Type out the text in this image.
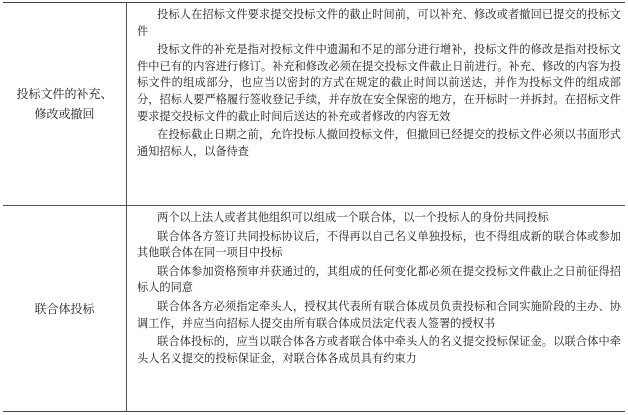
投标文件的补充、
修改或撤回

投标人在招标文件要求提交投标文件的截止时间前，可以补充、修改或者撤回已提交的投标文件

投标文件的补充是指对投标文件中遗漏和不足的部分进行增补，投标文件的修改是指对投标文件中已有的内容进行修订。补充和修改必须在提交投标文件截止日前进行。补充、修改的内容为投标文件的组成部分，也应当以密封的方式在规定的截止时间以前送达，并作为投标文件的组成部分，招标人要严格履行签收登记手续，并存放在安全保密的地方，在开标时一并拆封。在招标文件要求提交投标文件的截止时间后送达的补充或者修改的内容无效

在投标截止日期之前，允许投标人撤回投标文件，但撤回已经提交的投标文件必须以书面形式通知招标人，以备待查

联合体投标

两个以上法人或者其他组织可以组成一个联合体，以一个投标人的身份共同投标

联合体各方签订共同投标协议后，不得再以自己名义单独投标，也不得组成新的联合体或参加其他联合体在同一项目中投标

联合体参加资格预审并获通过的，其组成的任何变化都必须在提交投标文件截止之日前征得招标人的同意

联合体各方必须指定牵头人，授权其代表所有联合体成员负责投标和合同实施阶段的主办、协调工作，并应当向招标人提交由所有联合体成员法定代表人签署的授权书

联合体投标的，应当以联合体各方或者联合体中牵头人的名义提交投标保证金。以联合体中牵头人名义提交的投标保证金，对联合体各成员具有约束力
